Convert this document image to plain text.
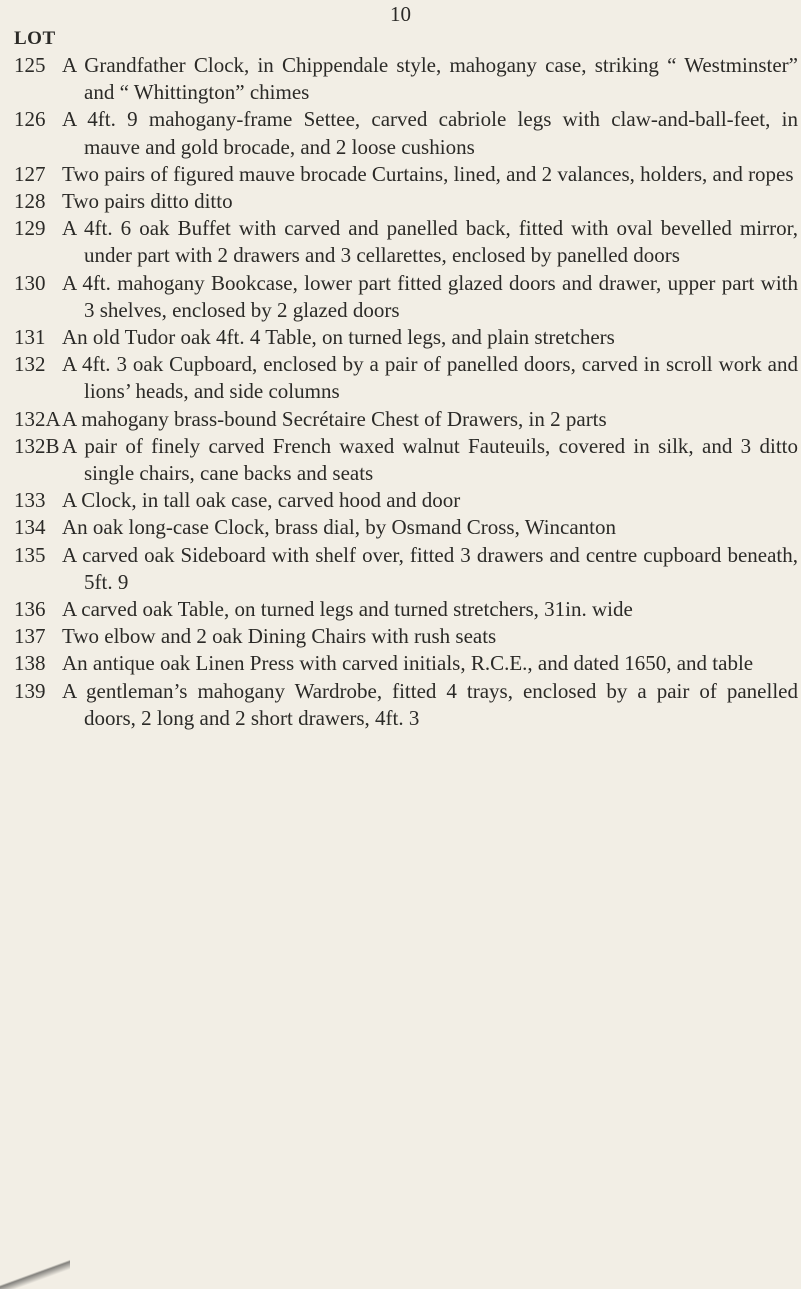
10
LOT
125 A Grandfather Clock, in Chippendale style, mahogany case, striking “ Westminster” and “ Whittington” chimes
126 A 4ft. 9 mahogany-frame Settee, carved cabriole legs with claw-and-ball-feet, in mauve and gold brocade, and 2 loose cushions
127 Two pairs of figured mauve brocade Curtains, lined, and 2 valances, holders, and ropes
128 Two pairs ditto ditto
129 A 4ft. 6 oak Buffet with carved and panelled back, fitted with oval bevelled mirror, under part with 2 drawers and 3 cellarettes, enclosed by panelled doors
130 A 4ft. mahogany Bookcase, lower part fitted glazed doors and drawer, upper part with 3 shelves, enclosed by 2 glazed doors
131 An old Tudor oak 4ft. 4 Table, on turned legs, and plain stretchers
132 A 4ft. 3 oak Cupboard, enclosed by a pair of panelled doors, carved in scroll work and lions’ heads, and side columns
132A A mahogany brass-bound Secrétaire Chest of Drawers, in 2 parts
132B A pair of finely carved French waxed walnut Fauteuils, covered in silk, and 3 ditto single chairs, cane backs and seats
133 A Clock, in tall oak case, carved hood and door
134 An oak long-case Clock, brass dial, by Osmand Cross, Wincanton
135 A carved oak Sideboard with shelf over, fitted 3 drawers and centre cupboard beneath, 5ft. 9
136 A carved oak Table, on turned legs and turned stretchers, 31in. wide
137 Two elbow and 2 oak Dining Chairs with rush seats
138 An antique oak Linen Press with carved initials, R.C.E., and dated 1650, and table
139 A gentleman’s mahogany Wardrobe, fitted 4 trays, enclosed by a pair of panelled doors, 2 long and 2 short drawers, 4ft. 3
